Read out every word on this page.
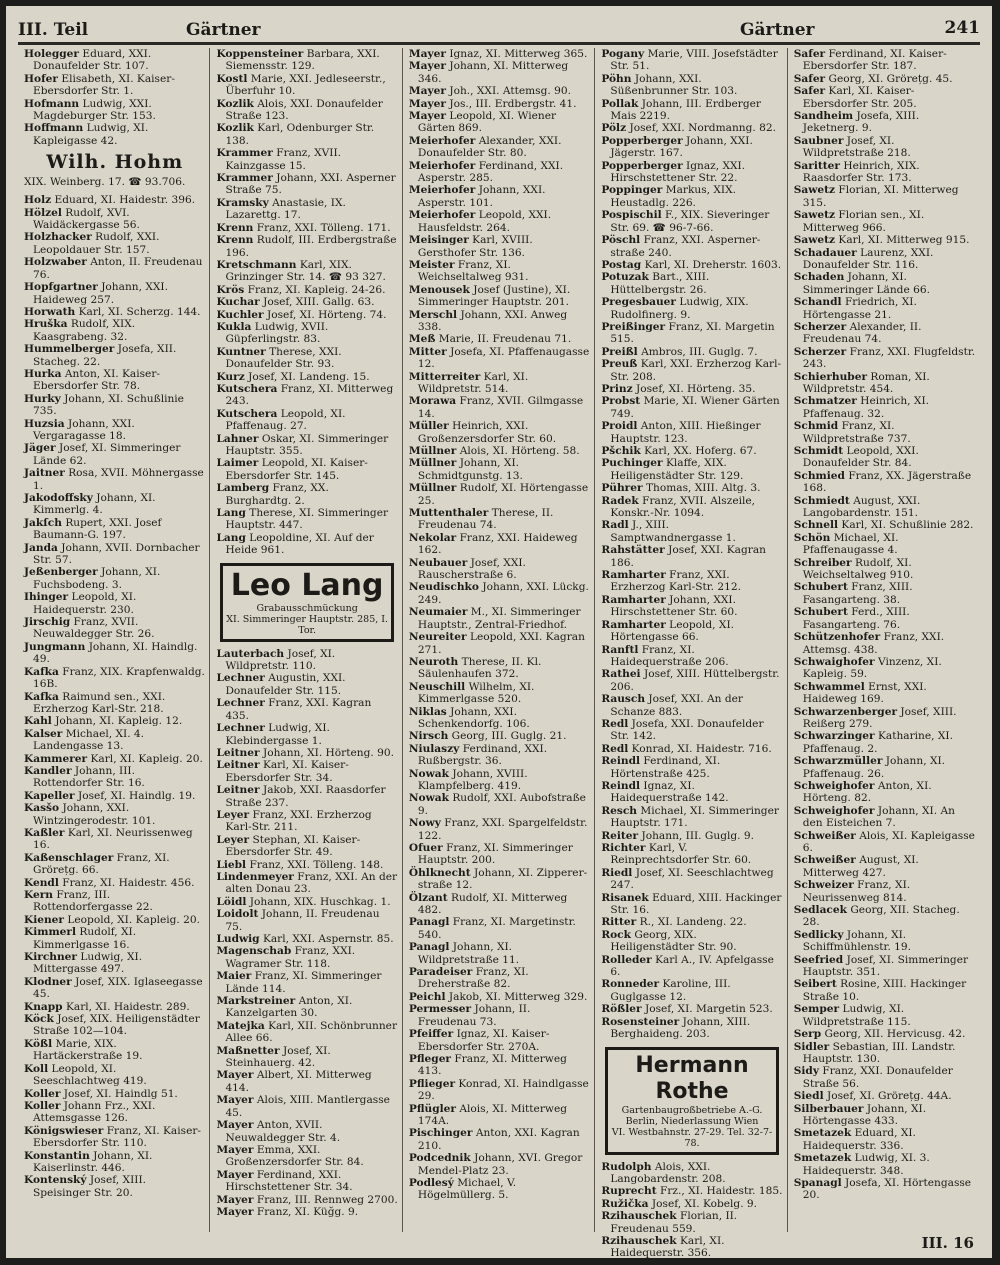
III. Teil	Gärtner	Gärtner	241
Holegger Eduard, XXI. Donaufelder Str. 107.
Hofer Elisabeth, XI. Kaiser-Ebersdorfer Str. 1.
Hofmann Ludwig, XXI. Magdeburger Str. 153.
Hoffmann Ludwig, XI. Kapleigasse 42.
Wilh. Hohm
XIX. Weinberg. 17. ☎ 93.706.
Holz Eduard, XI. Haidestr. 396.
Hölzel Rudolf, XVI. Waidäckergasse 56.
Holzhacker Rudolf, XXI. Leopoldauer Str. 157.
Holzwaber Anton, II. Freudenau 76.
Hopfgartner Johann, XXI. Haideweg 257.
Horwath Karl, XI. Scherzg. 144.
Hruška Rudolf, XIX. Kaasgrabeng. 32.
Hummelberger Josefa, XII. Stacheg. 22.
Hurka Anton, XI. Kaiser-Ebersdorfer Str. 78.
Hurky Johann, XI. Schußlinie 735.
Huzsia Johann, XXI. Vergaragasse 18.
Jäger Josef, XI. Simmeringer Lände 62.
Jaitner Rosa, XVII. Möhnergasse 1.
Jakodoffsky Johann, XI. Kimmerlg. 4.
Jakſch Rupert, XXI. Josef Baumann-G. 197.
Janda Johann, XVII. Dornbacher Str. 57.
Jeßenberger Johann, XI. Fuchsbodeng. 3.
Ihinger Leopold, XI. Haidequerstr. 230.
Jirschig Franz, XVII. Neuwaldegger Str. 26.
Jungmann Johann, XI. Haindlg. 49.
Kafka Franz, XIX. Krapfenwaldg. 16B.
Kafka Raimund sen., XXI. Erzherzog Karl-Str. 218.
Kahl Johann, XI. Kapleig. 12.
Kalser Michael, XI. 4. Landengasse 13.
Kammerer Karl, XI. Kapleig. 20.
Kandler Johann, III. Rottendorfer Str. 16.
Kapeller Josef, XI. Haindlg. 19.
Kasšo Johann, XXI. Wintzingerodestr. 101.
Kaßler Karl, XI. Neurissenweg 16.
Kaßenschlager Franz, XI. Grörețg. 66.
Kendl Franz, XI. Haidestr. 456.
Kern Franz, III. Rottendorfergasse 22.
Kiener Leopold, XI. Kapleig. 20.
Kimmerl Rudolf, XI. Kimmerlgasse 16.
Kirchner Ludwig, XI. Mittergasse 497.
Klodner Josef, XIX. Iglaseegasse 45.
Knapp Karl, XI. Haidestr. 289.
Köck Josef, XIX. Heiligenstädter Straße 102—104.
Kößl Marie, XIX. Hartäckerstraße 19.
Koll Leopold, XI. Seeschlachtweg 419.
Koller Josef, XI. Haindlg 51.
Koller Johann Frz., XXI. Attemsgasse 126.
Königswieser Franz, XI. Kaiser-Ebersdorfer Str. 110.
Konstantin Johann, XI. Kaiserlinstr. 446.
Kontenský Josef, XIII. Speisinger Str. 20.
Koppensteiner Barbara, XXI. Siemensstr. 129.
Kostl Marie, XXI. Jedleseerstr., Überfuhr 10.
Kozlik Alois, XXI. Donaufelder Straße 123.
Kozlik Karl, Odenburger Str. 138.
Krammer Franz, XVII. Kainzgasse 15.
Krammer Johann, XXI. Asperner Straße 75.
Kramsky Anastasie, IX. Lazarettg. 17.
Krenn Franz, XXI. Tölleng. 171.
Krenn Rudolf, III. Erdbergstraße 196.
Kretschmann Karl, XIX. Grinzinger Str. 14. ☎ 93 327.
Krös Franz, XI. Kapleig. 24-26.
Kuchar Josef, XIII. Gallg. 63.
Kuchler Josef, XI. Hörteng. 74.
Kukla Ludwig, XVII. Güpferlingstr. 83.
Kuntner Therese, XXI. Donaufelder Str. 93.
Kurz Josef, XI. Landeng. 15.
Kutschera Franz, XI. Mitterweg 243.
Kutschera Leopold, XI. Pfaffenaug. 27.
Lahner Oskar, XI. Simmeringer Hauptstr. 355.
Laimer Leopold, XI. Kaiser-Ebersdorfer Str. 145.
Lamberg Franz, XX. Burghardtg. 2.
Lang Therese, XI. Simmeringer Hauptstr. 447.
Lang Leopoldine, XI. Auf der Heide 961.
Leo Lang
Grabausschmückung
XI. Simmeringer Hauptstr. 285, I. Tor.
Lauterbach Josef, XI. Wildpretstr. 110.
Lechner Augustin, XXI. Donaufelder Str. 115.
Lechner Franz, XXI. Kagran 435.
Lechner Ludwig, XI. Klebindergasse 1.
Leitner Johann, XI. Hörteng. 90.
Leitner Karl, XI. Kaiser-Ebersdorfer Str. 34.
Leitner Jakob, XXI. Raasdorfer Straße 237.
Leyer Franz, XXI. Erzherzog Karl-Str. 211.
Leyer Stephan, XI. Kaiser-Ebersdorfer Str. 49.
Liebl Franz, XXI. Tölleng. 148.
Lindenmeyer Franz, XXI. An der alten Donau 23.
Löidl Johann, XIX. Huschkag. 1.
Loidolt Johann, II. Freudenau 75.
Ludwig Karl, XXI. Aspernstr. 85.
Magenschab Franz, XXI. Wagramer Str. 118.
Maier Franz, XI. Simmeringer Lände 114.
Markstreiner Anton, XI. Kanzelgarten 30.
Matejka Karl, XII. Schönbrunner Allee 66.
Maßnetter Josef, XI. Steinhauerg. 42.
Mayer Albert, XI. Mitterweg 414.
Mayer Alois, XIII. Mantlergasse 45.
Mayer Anton, XVII. Neuwaldegger Str. 4.
Mayer Emma, XXI. Großenzersdorfer Str. 84.
Mayer Ferdinand, XXI. Hirschstettener Str. 34.
Mayer Franz, III. Rennweg 2700.
Mayer Franz, XI. Küğg. 9.
Mayer Ignaz, XI. Mitterweg 365.
Mayer Johann, XI. Mitterweg 346.
Mayer Joh., XXI. Attemsg. 90.
Mayer Jos., III. Erdbergstr. 41.
Mayer Leopold, XI. Wiener Gärten 869.
Meierhofer Alexander, XXI. Donaufelder Str. 80.
Meierhofer Ferdinand, XXI. Asperstr. 285.
Meierhofer Johann, XXI. Asperstr. 101.
Meierhofer Leopold, XXI. Hausfeldstr. 264.
Meisinger Karl, XVIII. Gersthofer Str. 136.
Meister Franz, XI. Weichseltalweg 931.
Menousek Josef (Justine), XI. Simmeringer Hauptstr. 201.
Merschl Johann, XXI. Anweg 338.
Meß Marie, II. Freudenau 71.
Mitter Josefa, XI. Pfaffenaugasse 12.
Mitterreiter Karl, XI. Wildpretstr. 514.
Morawa Franz, XVII. Gilmgasse 14.
Müller Heinrich, XXI. Großenzersdorfer Str. 60.
Müllner Alois, XI. Hörteng. 58.
Müllner Johann, XI. Schmidtgunstg. 13.
Müllner Rudolf, XI. Hörtengasse 25.
Muttenthaler Therese, II. Freudenau 74.
Nekolar Franz, XXI. Haideweg 162.
Neubauer Josef, XXI. Rauscherstraße 6.
Neudischko Johann, XXI. Lückg. 249.
Neumaier M., XI. Simmeringer Hauptstr., Zentral-Friedhof.
Neureiter Leopold, XXI. Kagran 271.
Neuroth Therese, II. Kl. Säulenhaufen 372.
Neuschill Wilhelm, XI. Kimmerlgasse 520.
Niklas Johann, XXI. Schenkendorfg. 106.
Nirsch Georg, III. Guglg. 21.
Niulaszy Ferdinand, XXI. Rußbergstr. 36.
Nowak Johann, XVIII. Klampfelberg. 419.
Nowak Rudolf, XXI. Aubofstraße 9.
Nowy Franz, XXI. Spargelfeldstr. 122.
Ofuer Franz, XI. Simmeringer Hauptstr. 200.
Öhlknecht Johann, XI. Zipperer-straße 12.
Ölzant Rudolf, XI. Mitterweg 482.
Panagl Franz, XI. Margetinstr. 540.
Panagl Johann, XI. Wildpretstraße 11.
Paradeiser Franz, XI. Dreherstraße 82.
Peichl Jakob, XI. Mitterweg 329.
Permesser Johann, II. Freudenau 73.
Pfeiffer Ignaz, XI. Kaiser-Ebersdorfer Str. 270A.
Pfleger Franz, XI. Mitterweg 413.
Pflieger Konrad, XI. Haindlgasse 29.
Pflügler Alois, XI. Mitterweg 174A.
Pischinger Anton, XXI. Kagran 210.
Podcednik Johann, XVI. Gregor Mendel-Platz 23.
Podlesý Michael, V. Högelmüllerg. 5.
Pogany Marie, VIII. Josefstädter Str. 51.
Pöhn Johann, XXI. Süßenbrunner Str. 103.
Pollak Johann, III. Erdberger Mais 2219.
Pölz Josef, XXI. Nordmanng. 82.
Popperberger Johann, XXI. Jägerstr. 167.
Popperberger Ignaz, XXI. Hirschstettener Str. 22.
Poppinger Markus, XIX. Heustadlg. 226.
Pospischil F., XIX. Sieveringer Str. 69. ☎ 96-7-66.
Pöschl Franz, XXI. Asperner-straße 240.
Postag Karl, XI. Dreherstr. 1603.
Potuzak Bart., XIII. Hüttelbergstr. 26.
Pregesbauer Ludwig, XIX. Rudolfinerg. 9.
Preißinger Franz, XI. Margetin 515.
Preißl Ambros, III. Guglg. 7.
Preuß Karl, XXI. Erzherzog Karl-Str. 208.
Prinz Josef, XI. Hörteng. 35.
Probst Marie, XI. Wiener Gärten 749.
Proidl Anton, XIII. Hießinger Hauptstr. 123.
Pšchik Karl, XX. Hoferg. 67.
Puchinger Klaffe, XIX. Heiligenstädter Str. 129.
Pührer Thomas, XIII. Altg. 3.
Radek Franz, XVII. Alszeile, Konskr.-Nr. 1094.
Radl J., XIII. Samptwandnergasse 1.
Rahstätter Josef, XXI. Kagran 186.
Ramharter Franz, XXI. Erzherzog Karl-Str. 212.
Ramharter Johann, XXI. Hirschstettener Str. 60.
Ramharter Leopold, XI. Hörtengasse 66.
Ranftl Franz, XI. Haidequerstraße 206.
Rathei Josef, XIII. Hüttelbergstr. 206.
Rausch Josef, XXI. An der Schanze 883.
Redl Josefa, XXI. Donaufelder Str. 142.
Redl Konrad, XI. Haidestr. 716.
Reindl Ferdinand, XI. Hörtenstraße 425.
Reindl Ignaz, XI. Haidequerstraße 142.
Resch Michael, XI. Simmeringer Hauptstr. 171.
Reiter Johann, III. Guglg. 9.
Richter Karl, V. Reinprechtsdorfer Str. 60.
Riedl Josef, XI. Seeschlachtweg 247.
Risanek Eduard, XIII. Hackinger Str. 16.
Ritter R., XI. Landeng. 22.
Rock Georg, XIX. Heiligenstädter Str. 90.
Rolleder Karl A., IV. Apfelgasse 6.
Ronneder Karoline, III. Guglgasse 12.
Rößler Josef, XI. Margetin 523.
Rosensteiner Johann, XIII. Berghaideng. 203.
Hermann Rothe
Gartenbaugroßbetriebe A.-G.
Berlin, Niederlassung Wien
VI. Westbahnstr. 27-29. Tel. 32-7-78.
Rudolph Alois, XXI. Langobardenstr. 208.
Ruprecht Frz., XI. Haidestr. 185.
Ružička Josef, XI. Kobelg. 9.
Rzihauschek Florian, II. Freudenau 559.
Rzihauschek Karl, XI. Haidequerstr. 356.
Safer Ferdinand, XI. Kaiser-Ebersdorfer Str. 187.
Safer Georg, XI. Grörețg. 45.
Safer Karl, XI. Kaiser-Ebersdorfer Str. 205.
Sandheim Josefa, XIII. Jeketnerg. 9.
Saubner Josef, XI. Wildpretstraße 218.
Saritter Heinrich, XIX. Raasdorfer Str. 173.
Sawetz Florian, XI. Mitterweg 315.
Sawetz Florian sen., XI. Mitterweg 966.
Sawetz Karl, XI. Mitterweg 915.
Schadauer Laurenz, XXI. Donaufelder Str. 116.
Schaden Johann, XI. Simmeringer Lände 66.
Schandl Friedrich, XI. Hörtengasse 21.
Scherzer Alexander, II. Freudenau 74.
Scherzer Franz, XXI. Flugfeldstr. 243.
Schierhuber Roman, XI. Wildpretstr. 454.
Schmatzer Heinrich, XI. Pfaffenaug. 32.
Schmid Franz, XI. Wildpretstraße 737.
Schmidt Leopold, XXI. Donaufelder Str. 84.
Schmied Franz, XX. Jägerstraße 168.
Schmiedt August, XXI. Langobardenstr. 151.
Schnell Karl, XI. Schußlinie 282.
Schön Michael, XI. Pfaffenaugasse 4.
Schreiber Rudolf, XI. Weichseltalweg 910.
Schubert Franz, XIII. Fasangarteng. 38.
Schubert Ferd., XIII. Fasangarteng. 76.
Schützenhofer Franz, XXI. Attemsg. 438.
Schwaighofer Vinzenz, XI. Kapleig. 59.
Schwammel Ernst, XXI. Haideweg 169.
Schwarzenberger Josef, XIII. Reißerg 279.
Schwarzinger Katharine, XI. Pfaffenaug. 2.
Schwarzmüller Johann, XI. Pfaffenaug. 26.
Schweighofer Anton, XI. Hörteng. 82.
Schweighofer Johann, XI. An den Eisteichen 7.
Schweißer Alois, XI. Kapleigasse 6.
Schweißer August, XI. Mitterweg 427.
Schweizer Franz, XI. Neurissenweg 814.
Sedlacek Georg, XII. Stacheg. 28.
Sedlicky Johann, XI. Schiffmühlenstr. 19.
Seefried Josef, XI. Simmeringer Hauptstr. 351.
Seibert Rosine, XIII. Hackinger Straße 10.
Semper Ludwig, XI. Wildpretstraße 115.
Serp Georg, XII. Hervicusg. 42.
Sidler Sebastian, III. Landstr. Hauptstr. 130.
Sidy Franz, XXI. Donaufelder Straße 56.
Siedl Josef, XI. Grörețg. 44A.
Silberbauer Johann, XI. Hörtengasse 433.
Smetazek Eduard, XI. Haidequerstr. 336.
Smetazek Ludwig, XI. 3. Haidequerstr. 348.
Spanagl Josefa, XI. Hörtengasse 20.
III. 16
